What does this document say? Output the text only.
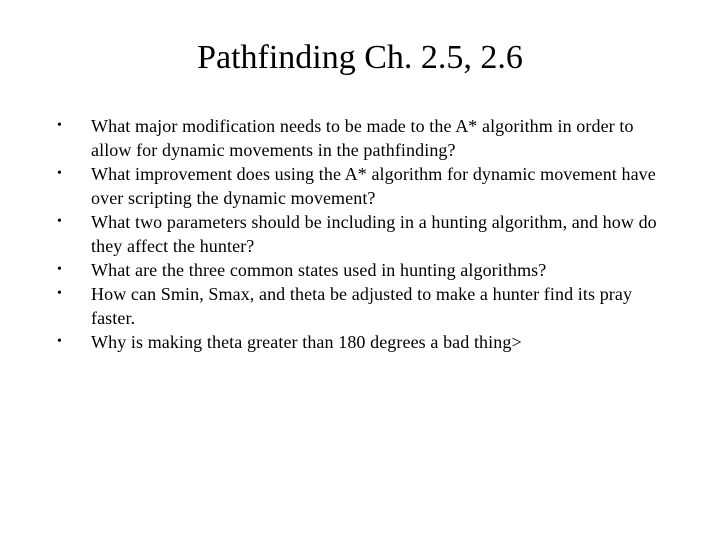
Pathfinding Ch. 2.5, 2.6
•	What major modification needs to be made to the A* algorithm in order to allow for dynamic movements in the pathfinding?
•	What improvement does using the A* algorithm for dynamic movement have over scripting the dynamic movement?
•	What two parameters should be including in a hunting algorithm, and how do they affect the hunter?
•	What are the three common states used in hunting algorithms?
•	How can Smin, Smax, and theta be adjusted to make a hunter find its pray faster.
•	Why is making theta greater than 180 degrees a bad thing>
